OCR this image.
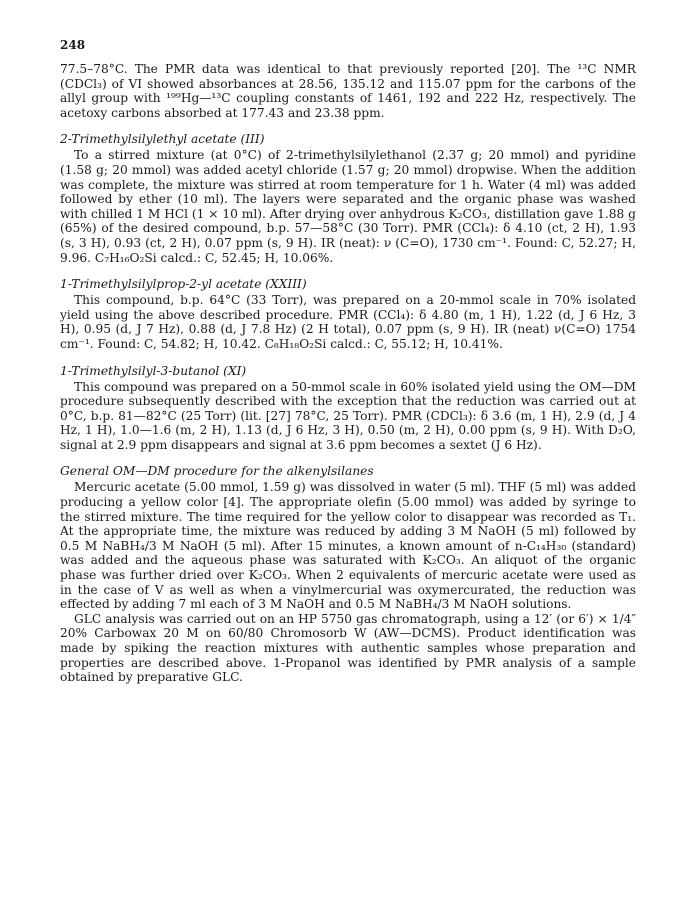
248

77.5–78°C. The PMR data was identical to that previously reported [20]. The ¹³C NMR (CDCl₃) of VI showed absorbances at 28.56, 135.12 and 115.07 ppm for the carbons of the allyl group with ¹⁹⁹Hg—¹³C coupling constants of 1461, 192 and 222 Hz, respectively. The acetoxy carbons absorbed at 177.43 and 23.38 ppm.

2-Trimethylsilylethyl acetate (III)

To a stirred mixture (at 0°C) of 2-trimethylsilylethanol (2.37 g; 20 mmol) and pyridine (1.58 g; 20 mmol) was added acetyl chloride (1.57 g; 20 mmol) dropwise. When the addition was complete, the mixture was stirred at room temperature for 1 h. Water (4 ml) was added followed by ether (10 ml). The layers were separated and the organic phase was washed with chilled 1 M HCl (1 × 10 ml). After drying over anhydrous K₂CO₃, distillation gave 1.88 g (65%) of the desired compound, b.p. 57—58°C (30 Torr). PMR (CCl₄): δ 4.10 (ct, 2 H), 1.93 (s, 3 H), 0.93 (ct, 2 H), 0.07 ppm (s, 9 H). IR (neat): ν (C=O), 1730 cm⁻¹. Found: C, 52.27; H, 9.96. C₇H₁₆O₂Si calcd.: C, 52.45; H, 10.06%.

1-Trimethylsilylprop-2-yl acetate (XXIII)

This compound, b.p. 64°C (33 Torr), was prepared on a 20-mmol scale in 70% isolated yield using the above described procedure. PMR (CCl₄): δ 4.80 (m, 1 H), 1.22 (d, J 6 Hz, 3 H), 0.95 (d, J 7 Hz), 0.88 (d, J 7.8 Hz) (2 H total), 0.07 ppm (s, 9 H). IR (neat) ν(C=O) 1754 cm⁻¹. Found: C, 54.82; H, 10.42. C₈H₁₈O₂Si calcd.: C, 55.12; H, 10.41%.

1-Trimethylsilyl-3-butanol (XI)

This compound was prepared on a 50-mmol scale in 60% isolated yield using the OM—DM procedure subsequently described with the exception that the reduction was carried out at 0°C, b.p. 81—82°C (25 Torr) (lit. [27] 78°C, 25 Torr). PMR (CDCl₃): δ 3.6 (m, 1 H), 2.9 (d, J 4 Hz, 1 H), 1.0—1.6 (m, 2 H), 1.13 (d, J 6 Hz, 3 H), 0.50 (m, 2 H), 0.00 ppm (s, 9 H). With D₂O, signal at 2.9 ppm disappears and signal at 3.6 ppm becomes a sextet (J 6 Hz).

General OM—DM procedure for the alkenylsilanes

Mercuric acetate (5.00 mmol, 1.59 g) was dissolved in water (5 ml). THF (5 ml) was added producing a yellow color [4]. The appropriate olefin (5.00 mmol) was added by syringe to the stirred mixture. The time required for the yellow color to disappear was recorded as T₁. At the appropriate time, the mixture was reduced by adding 3 M NaOH (5 ml) followed by 0.5 M NaBH₄/3 M NaOH (5 ml). After 15 minutes, a known amount of n-C₁₄H₃₀ (standard) was added and the aqueous phase was saturated with K₂CO₃. An aliquot of the organic phase was further dried over K₂CO₃. When 2 equivalents of mercuric acetate were used as in the case of V as well as when a vinylmercurial was oxymercurated, the reduction was effected by adding 7 ml each of 3 M NaOH and 0.5 M NaBH₄/3 M NaOH solutions.

GLC analysis was carried out on an HP 5750 gas chromatograph, using a 12′ (or 6′) × 1/4″ 20% Carbowax 20 M on 60/80 Chromosorb W (AW—DCMS). Product identification was made by spiking the reaction mixtures with authentic samples whose preparation and properties are described above. 1-Propanol was identified by PMR analysis of a sample obtained by preparative GLC.
